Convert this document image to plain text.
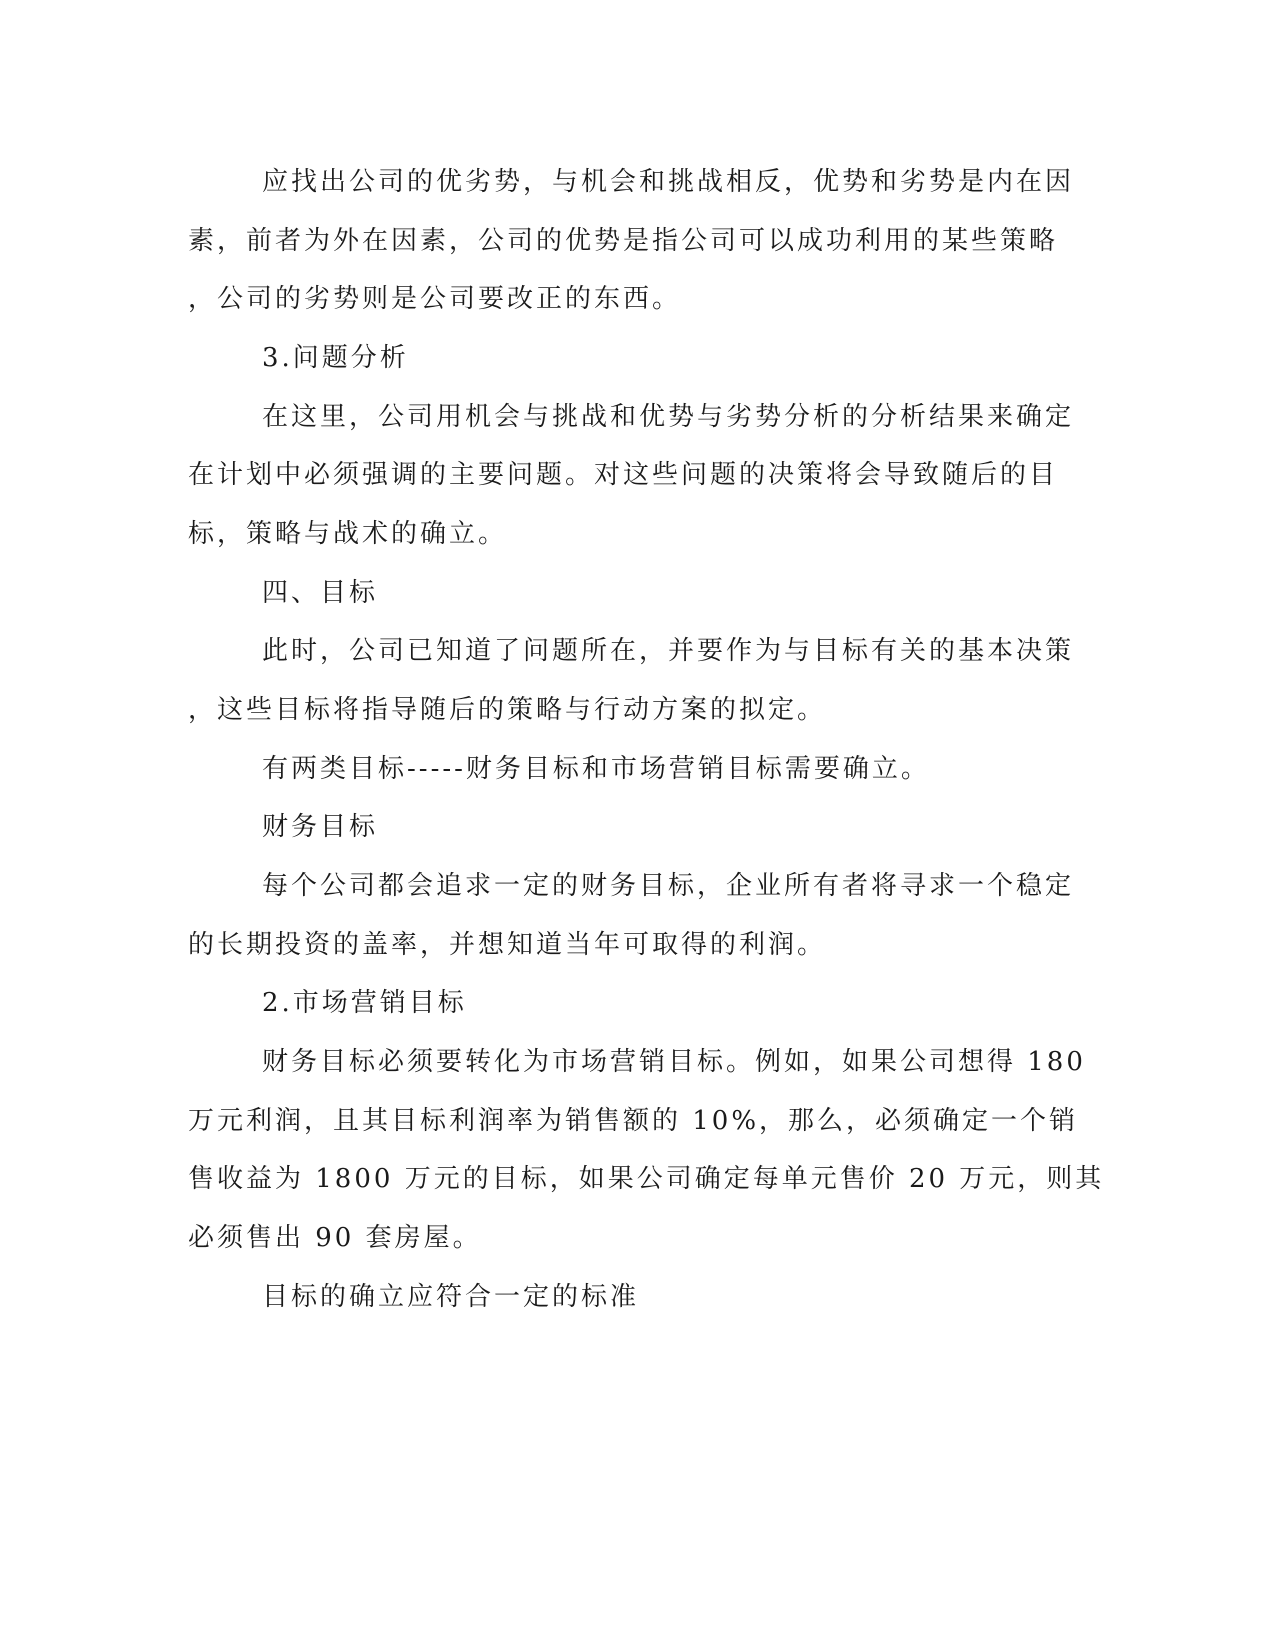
应找出公司的优劣势，与机会和挑战相反，优势和劣势是内在因
素，前者为外在因素，公司的优势是指公司可以成功利用的某些策略
，公司的劣势则是公司要改正的东西。
3.问题分析
在这里，公司用机会与挑战和优势与劣势分析的分析结果来确定
在计划中必须强调的主要问题。对这些问题的决策将会导致随后的目
标，策略与战术的确立。
四、目标
此时，公司已知道了问题所在，并要作为与目标有关的基本决策
，这些目标将指导随后的策略与行动方案的拟定。
有两类目标-----财务目标和市场营销目标需要确立。
财务目标
每个公司都会追求一定的财务目标，企业所有者将寻求一个稳定
的长期投资的盖率，并想知道当年可取得的利润。
2.市场营销目标
财务目标必须要转化为市场营销目标。例如，如果公司想得 180
万元利润，且其目标利润率为销售额的 10%，那么，必须确定一个销
售收益为 1800 万元的目标，如果公司确定每单元售价 20 万元，则其
必须售出 90 套房屋。
目标的确立应符合一定的标准
